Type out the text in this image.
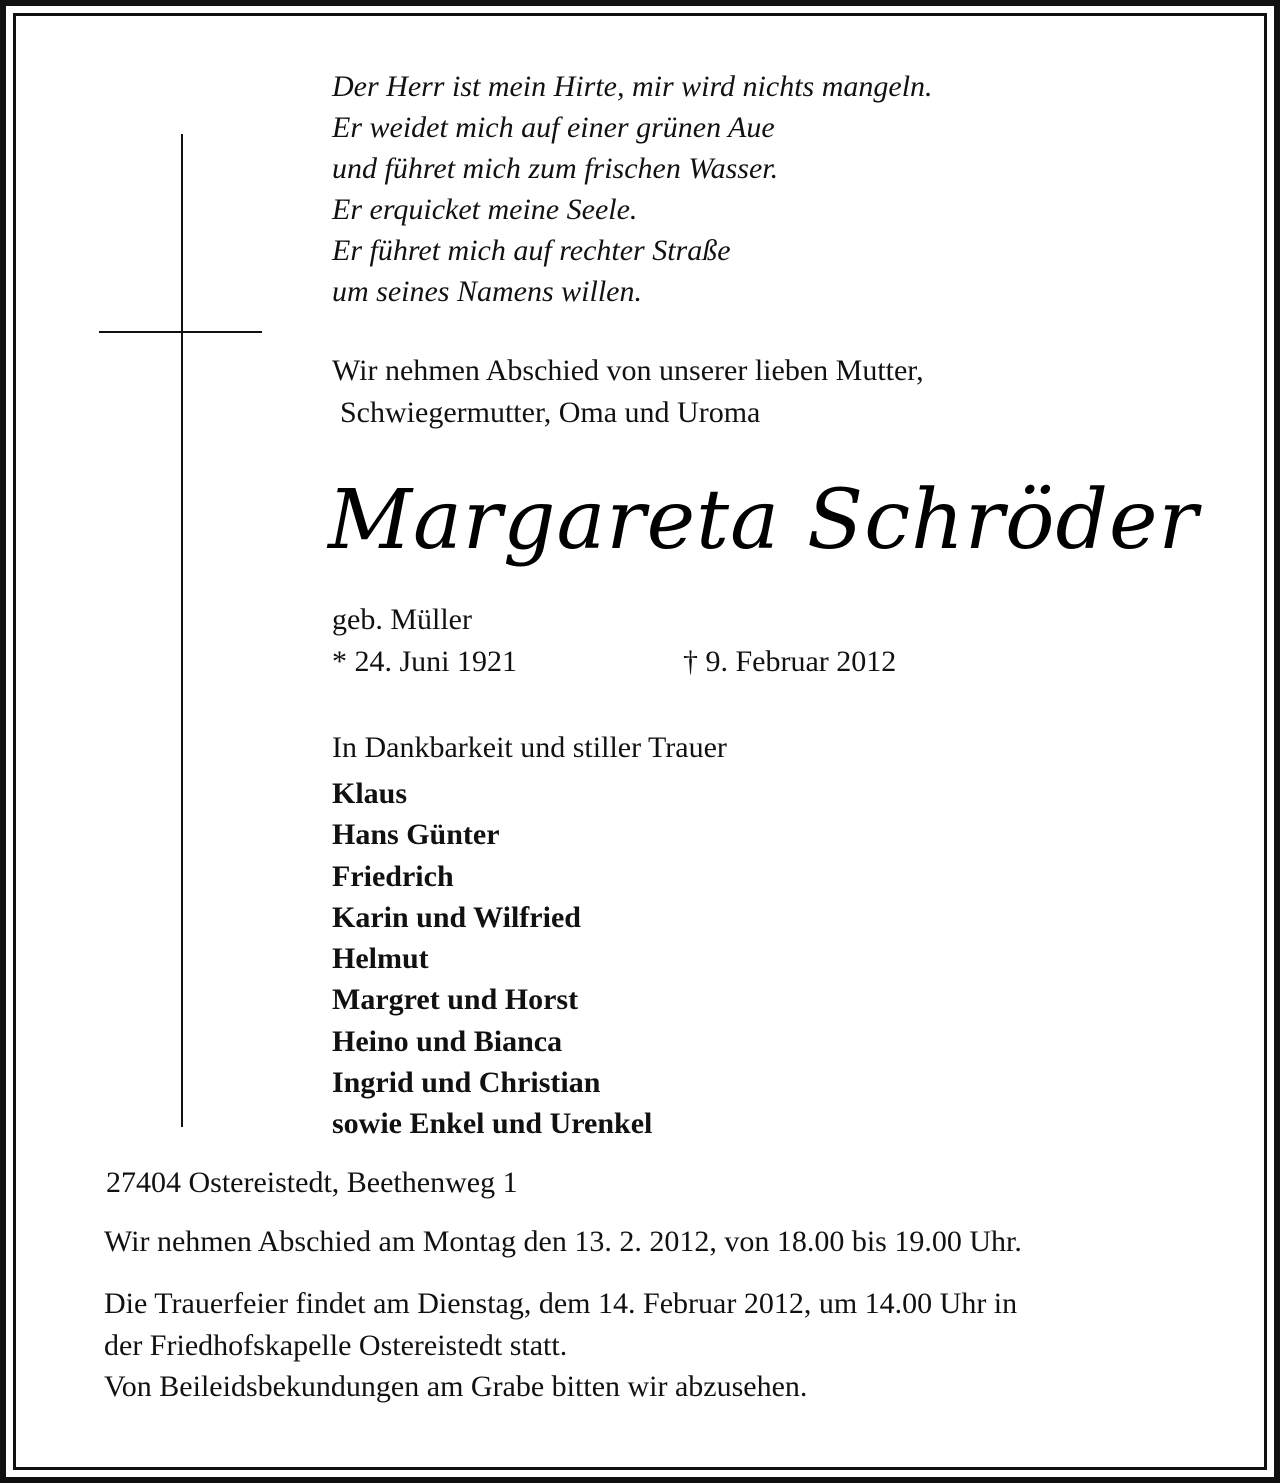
Der Herr ist mein Hirte, mir wird nichts mangeln.
Er weidet mich auf einer grünen Aue
und führet mich zum frischen Wasser.
Er erquicket meine Seele.
Er führet mich auf rechter Straße
um seines Namens willen.
Wir nehmen Abschied von unserer lieben Mutter,
Schwiegermutter, Oma und Uroma
Margareta Schröder
geb. Müller
* 24. Juni 1921	† 9. Februar 2012
In Dankbarkeit und stiller Trauer
Klaus
Hans Günter
Friedrich
Karin und Wilfried
Helmut
Margret und Horst
Heino und Bianca
Ingrid und Christian
sowie Enkel und Urenkel
27404 Ostereistedt, Beethenweg 1
Wir nehmen Abschied am Montag den 13. 2. 2012, von 18.00 bis 19.00 Uhr.
Die Trauerfeier findet am Dienstag, dem 14. Februar 2012, um 14.00 Uhr in
der Friedhofskapelle Ostereistedt statt.
Von Beileidsbekundungen am Grabe bitten wir abzusehen.
